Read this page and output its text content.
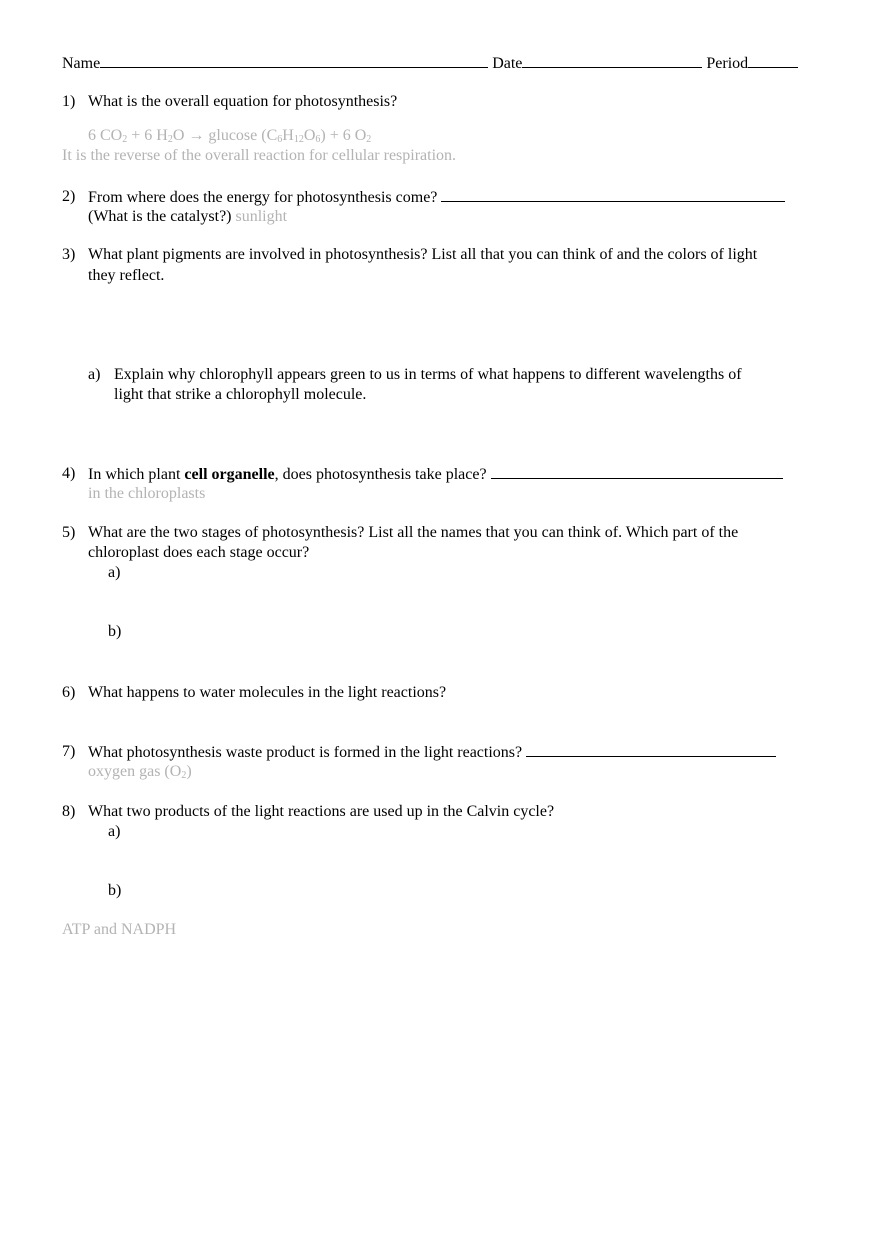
Name	Date	Period
1) What is the overall equation for photosynthesis?
6 $CO_2 + 6$ $H_2O \to glucose$ $(C_6H_{12}O_6) + 6$ $O_2$
It is the reverse of the overall reaction for cellular respiration.
2) From where does the energy for photosynthesis come?
(What is the catalyst?) sunlight
3) What plant pigments are involved in photosynthesis? List all that you can think of and the colors of light
they reflect.
a) Explain why chlorophyll appears green to us in terms of what happens to different wavelengths of
light that strike a chlorophyll molecule.
4) In which plant cell organelle, does photosynthesis take place?
in the chloroplasts
5) What are the two stages of photosynthesis? List all the names that you can think of. Which part of the
chloroplast does each stage occur?
a)
b)
6) What happens to water molecules in the light reactions?
7) What photosynthesis waste product is formed in the light reactions?
oxygen gas $(O_2)$
8) What two products of the light reactions are used up in the Calvin cycle?
a)
b)
ATP and NADPH
